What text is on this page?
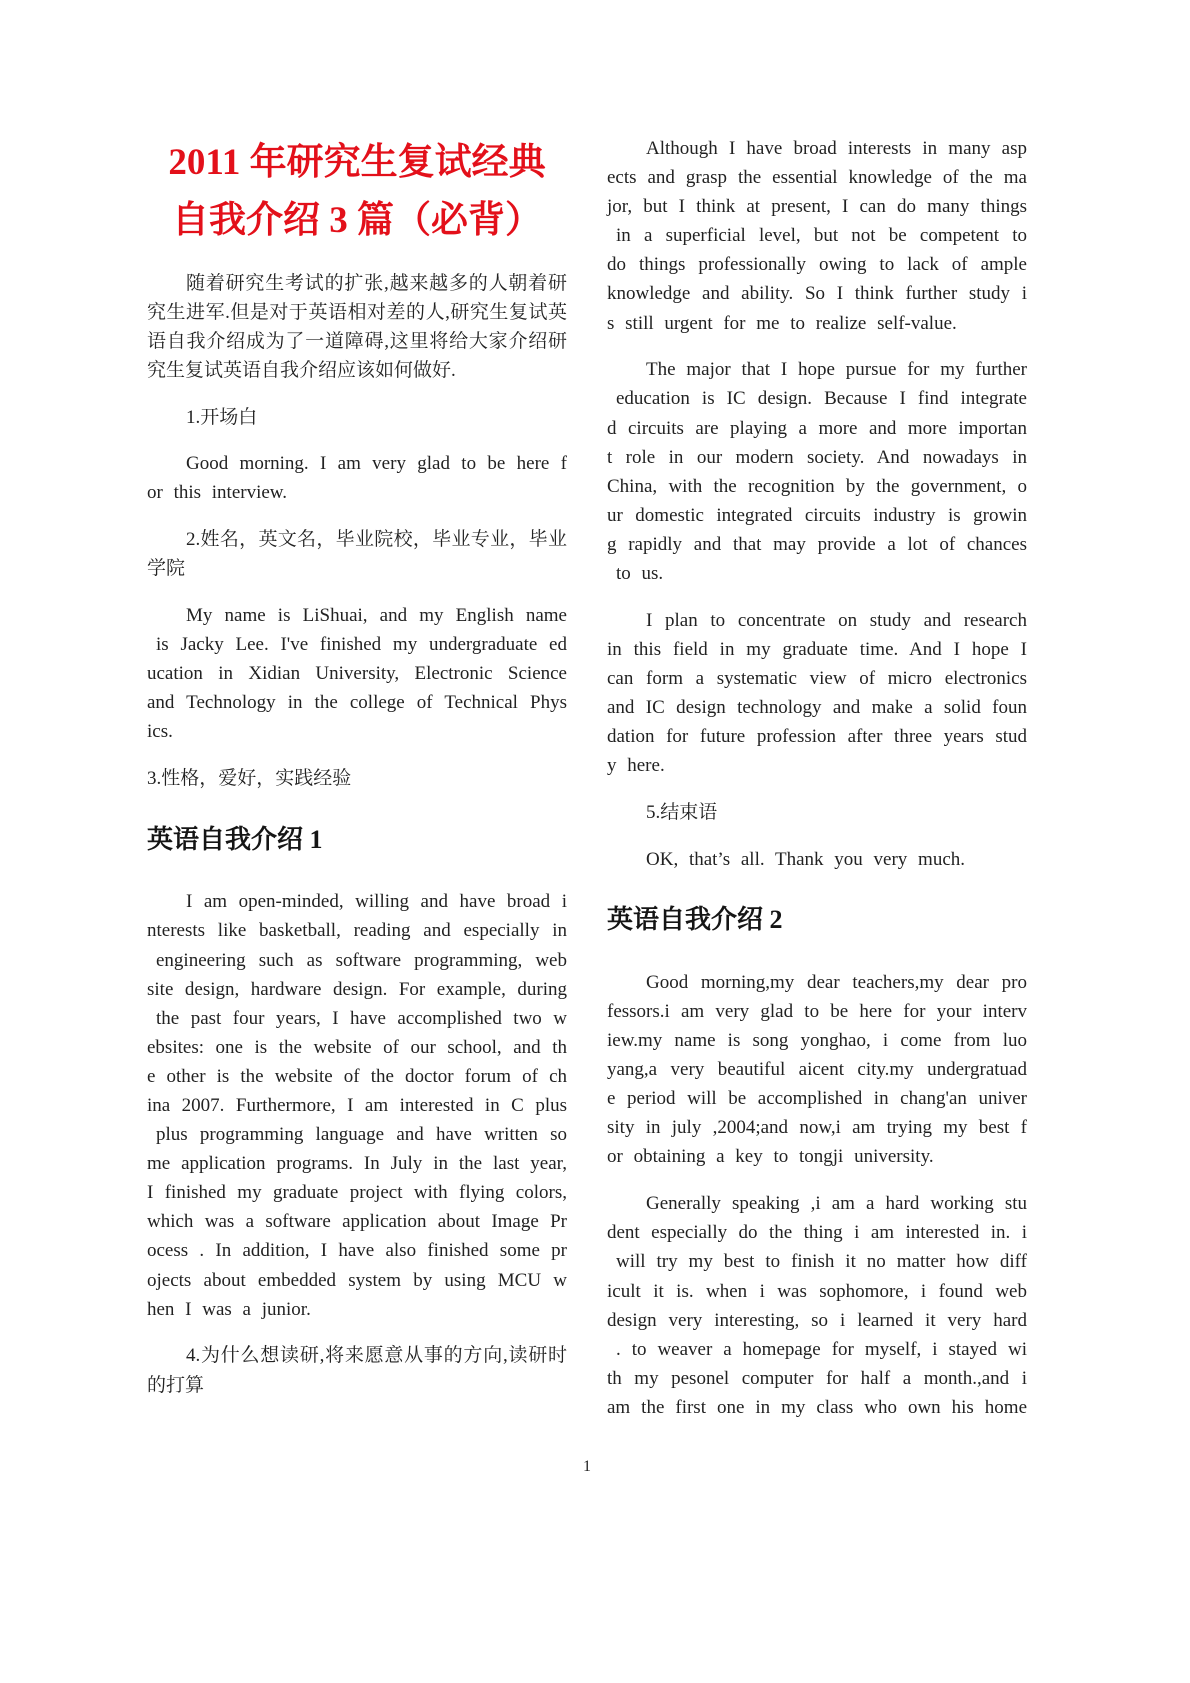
2011 年研究生复试经典
自我介绍 3 篇（必背）
随着研究生考试的扩张,越来越多的人朝着研
究生进军.但是对于英语相对差的人,研究生复试英
语自我介绍成为了一道障碍,这里将给大家介绍研
究生复试英语自我介绍应该如何做好.
1.开场白
Good morning. I am very glad to be here f
or this interview.
2.姓名，英文名，毕业院校，毕业专业，毕业
学院
My name is LiShuai, and my English name
is Jacky Lee. I've finished my undergraduate ed
ucation in Xidian University, Electronic Science
and Technology in the college of Technical Phys
ics.
3.性格，爱好，实践经验
英语自我介绍 1
I am open-minded, willing and have broad i
nterests like basketball, reading and especially in
engineering such as software programming, web
site design, hardware design. For example, during
the past four years, I have accomplished two w
ebsites: one is the website of our school, and th
e other is the website of the doctor forum of ch
ina 2007. Furthermore, I am interested in C plus
plus programming language and have written so
me application programs. In July in the last year,
I finished my graduate project with flying colors,
which was a software application about Image Pr
ocess . In addition, I have also finished some pr
ojects about embedded system by using MCU w
hen I was a junior.
4.为什么想读研,将来愿意从事的方向,读研时
的打算
Although I have broad interests in many asp
ects and grasp the essential knowledge of the ma
jor, but I think at present, I can do many things
in a superficial level, but not be competent to
do things professionally owing to lack of ample
knowledge and ability. So I think further study i
s still urgent for me to realize self-value.
The major that I hope pursue for my further
education is IC design. Because I find integrate
d circuits are playing a more and more importan
t role in our modern society. And nowadays in
China, with the recognition by the government, o
ur domestic integrated circuits industry is growin
g rapidly and that may provide a lot of chances
to us.
I plan to concentrate on study and research
in this field in my graduate time. And I hope I
can form a systematic view of micro electronics
and IC design technology and make a solid foun
dation for future profession after three years stud
y here.
5.结束语
OK, that’s all. Thank you very much.
英语自我介绍 2
Good morning,my dear teachers,my dear pro
fessors.i am very glad to be here for your interv
iew.my name is song yonghao, i come from luo
yang,a very beautiful aicent city.my undergratuad
e period will be accomplished in chang'an univer
sity in july ,2004;and now,i am trying my best f
or obtaining a key to tongji university.
Generally speaking ,i am a hard working stu
dent especially do the thing i am interested in. i
will try my best to finish it no matter how diff
icult it is. when i was sophomore, i found web
design very interesting, so i learned it very hard
. to weaver a homepage for myself, i stayed wi
th my pesonel computer for half a month.,and i
am the first one in my class who own his home
1
